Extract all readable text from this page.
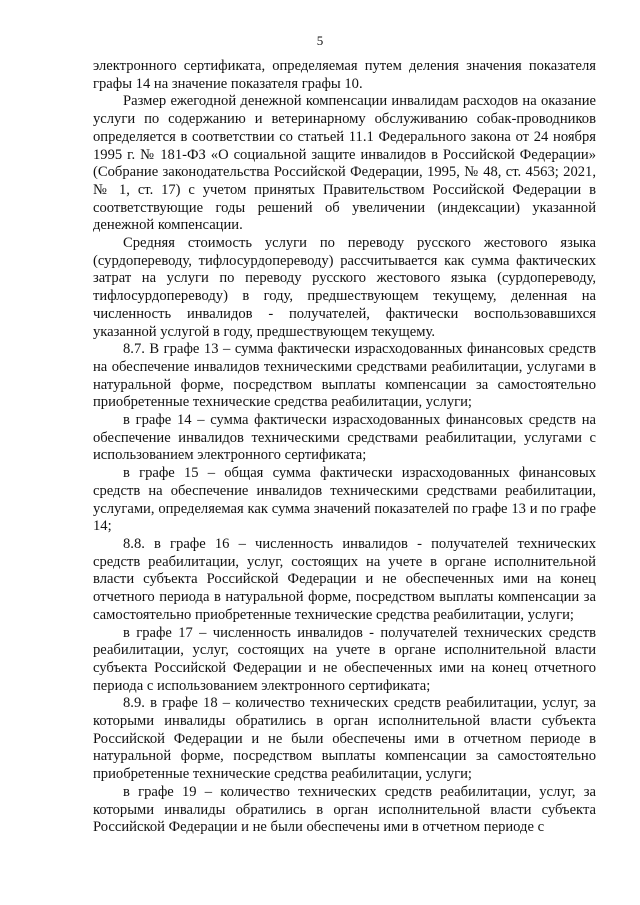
5

электронного сертификата, определяемая путем деления значения показателя графы 14 на значение показателя графы 10.

Размер ежегодной денежной компенсации инвалидам расходов на оказание услуги по содержанию и ветеринарному обслуживанию собак-проводников определяется в соответствии со статьей 11.1 Федерального закона от 24 ноября 1995 г. № 181-ФЗ «О социальной защите инвалидов в Российской Федерации» (Собрание законодательства Российской Федерации, 1995, № 48, ст. 4563; 2021, № 1, ст. 17) с учетом принятых Правительством Российской Федерации в соответствующие годы решений об увеличении (индексации) указанной денежной компенсации.

Средняя стоимость услуги по переводу русского жестового языка (сурдопереводу, тифлосурдопереводу) рассчитывается как сумма фактических затрат на услуги по переводу русского жестового языка (сурдопереводу, тифлосурдопереводу) в году, предшествующем текущему, деленная на численность инвалидов - получателей, фактически воспользовавшихся указанной услугой в году, предшествующем текущему.

8.7. В графе 13 – сумма фактически израсходованных финансовых средств на обеспечение инвалидов техническими средствами реабилитации, услугами в натуральной форме, посредством выплаты компенсации за самостоятельно приобретенные технические средства реабилитации, услуги;

в графе 14 – сумма фактически израсходованных финансовых средств на обеспечение инвалидов техническими средствами реабилитации, услугами с использованием электронного сертификата;

в графе 15 – общая сумма фактически израсходованных финансовых средств на обеспечение инвалидов техническими средствами реабилитации, услугами, определяемая как сумма значений показателей по графе 13 и по графе 14;

8.8. в графе 16 – численность инвалидов - получателей технических средств реабилитации, услуг, состоящих на учете в органе исполнительной власти субъекта Российской Федерации и не обеспеченных ими на конец отчетного периода в натуральной форме, посредством выплаты компенсации за самостоятельно приобретенные технические средства реабилитации, услуги;

в графе 17 – численность инвалидов - получателей технических средств реабилитации, услуг, состоящих на учете в органе исполнительной власти субъекта Российской Федерации и не обеспеченных ими на конец отчетного периода с использованием электронного сертификата;

8.9. в графе 18 – количество технических средств реабилитации, услуг, за которыми инвалиды обратились в орган исполнительной власти субъекта Российской Федерации и не были обеспечены ими в отчетном периоде в натуральной форме, посредством выплаты компенсации за самостоятельно приобретенные технические средства реабилитации, услуги;

в графе 19 – количество технических средств реабилитации, услуг, за которыми инвалиды обратились в орган исполнительной власти субъекта Российской Федерации и не были обеспечены ими в отчетном периоде с
